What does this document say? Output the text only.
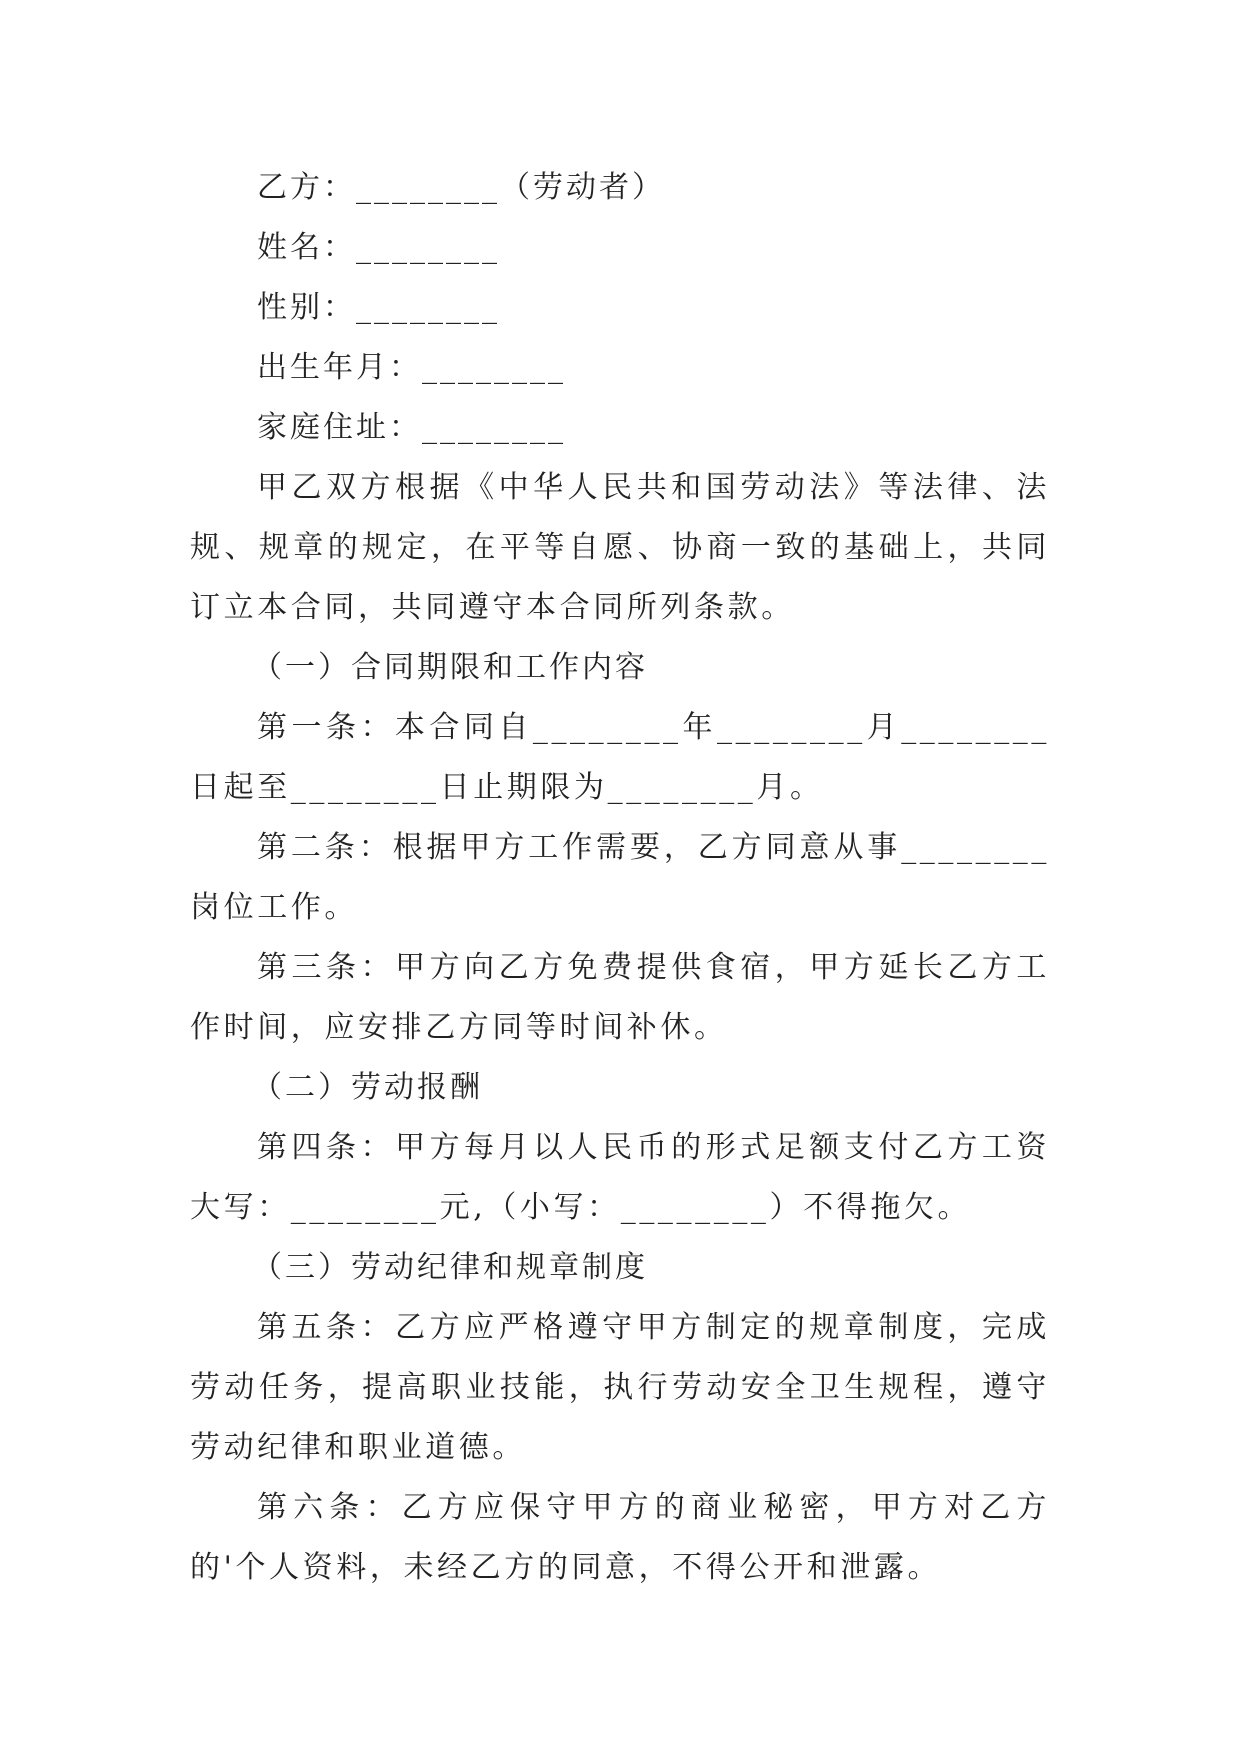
乙方：________（劳动者）
姓名：________
性别：________
出生年月：________
家庭住址：________

甲乙双方根据《中华人民共和国劳动法》等法律、法规、规章的规定，在平等自愿、协商一致的基础上，共同订立本合同，共同遵守本合同所列条款。

（一）合同期限和工作内容

第一条：本合同自________年________月________日起至________日止期限为________月。

第二条：根据甲方工作需要，乙方同意从事________岗位工作。

第三条：甲方向乙方免费提供食宿，甲方延长乙方工作时间，应安排乙方同等时间补休。

（二）劳动报酬

第四条：甲方每月以人民币的形式足额支付乙方工资大写：________元,（小写：________）不得拖欠。

（三）劳动纪律和规章制度

第五条：乙方应严格遵守甲方制定的规章制度，完成劳动任务，提高职业技能，执行劳动安全卫生规程，遵守劳动纪律和职业道德。

第六条：乙方应保守甲方的商业秘密，甲方对乙方的'个人资料，未经乙方的同意，不得公开和泄露。
